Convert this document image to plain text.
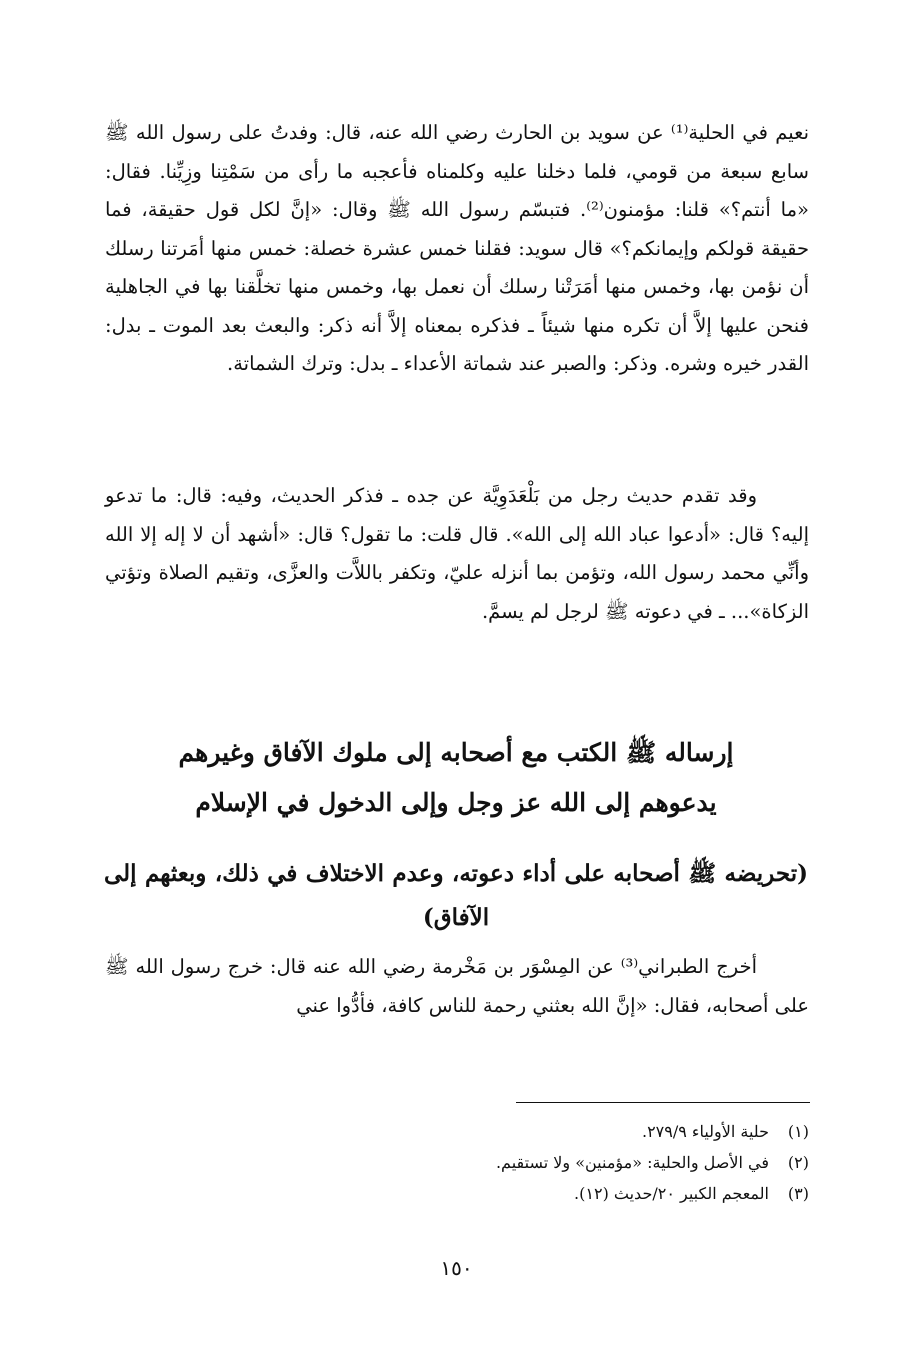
نعيم في الحلية⁽¹⁾ عن سويد بن الحارث رضي الله عنه، قال: وفدتُ على رسول الله ﷺ سابع سبعة من قومي، فلما دخلنا عليه وكلمناه فأعجبه ما رأى من سَمْتِنا وزِيِّنا. فقال: «ما أنتم؟» قلنا: مؤمنون⁽²⁾. فتبسّم رسول الله ﷺ وقال: «إنَّ لكل قول حقيقة، فما حقيقة قولكم وإيمانكم؟» قال سويد: فقلنا خمس عشرة خصلة: خمس منها أمَرتنا رسلك أن نؤمن بها، وخمس منها أمَرَتْنا رسلك أن نعمل بها، وخمس منها تخلَّقنا بها في الجاهلية فنحن عليها إلاَّ أن تكره منها شيئاً ـ فذكره بمعناه إلاَّ أنه ذكر: والبعث بعد الموت ـ بدل: القدر خيره وشره. وذكر: والصبر عند شماتة الأعداء ـ بدل: وترك الشماتة.

وقد تقدم حديث رجل من بَلْعَدَوِيَّة عن جده ـ فذكر الحديث، وفيه: قال: ما تدعو إليه؟ قال: «أدعوا عباد الله إلى الله». قال قلت: ما تقول؟ قال: «أشهد أن لا إله إلا الله وأنِّي محمد رسول الله، وتؤمن بما أنزله عليّ، وتكفر باللاَّت والعزَّى، وتقيم الصلاة وتؤتي الزكاة»... ـ في دعوته ﷺ لرجل لم يسمَّ.

إرساله ﷺ الكتب مع أصحابه إلى ملوك الآفاق وغيرهم
يدعوهم إلى الله عز وجل وإلى الدخول في الإسلام
(تحريضه ﷺ أصحابه على أداء دعوته، وعدم الاختلاف في ذلك، وبعثهم إلى الآفاق)

أخرج الطبراني⁽³⁾ عن المِسْوَر بن مَخْرمة رضي الله عنه قال: خرج رسول الله ﷺ على أصحابه، فقال: «إنَّ الله بعثني رحمة للناس كافة، فأدُّوا عني

(١)
حلية الأولياء ٢٧٩/٩.
(٢)
في الأصل والحلية: «مؤمنين» ولا تستقيم.
(٣)
المعجم الكبير ٢٠/حديث (١٢).
١٥٠
